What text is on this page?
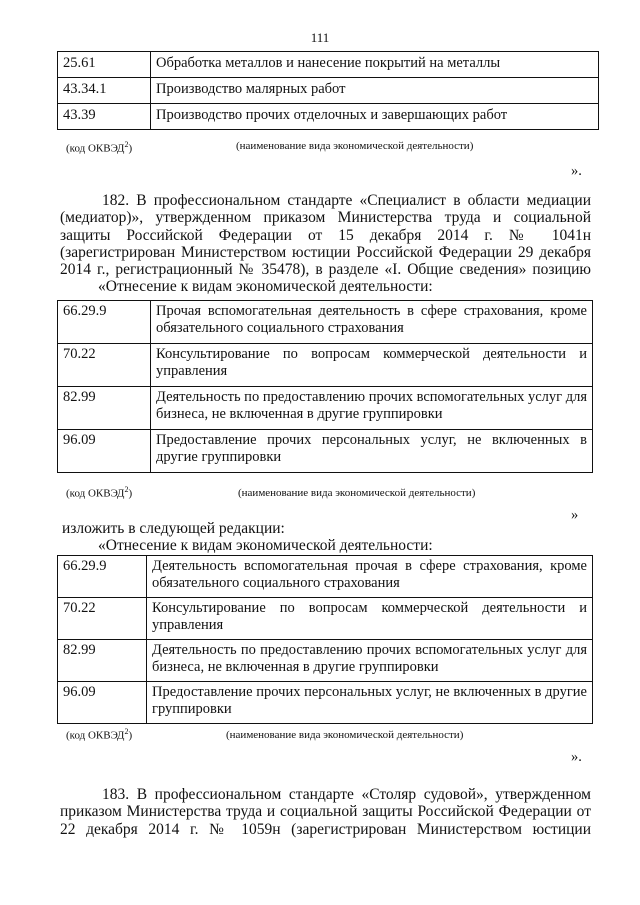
111
25.61	Обработка металлов и нанесение покрытий на металлы
43.34.1	Производство малярных работ
43.39	Производство прочих отделочных и завершающих работ
(код ОКВЭД$^2$)	(наименование вида экономической деятельности)
».
182. В профессиональном стандарте «Специалист в области медиации
(медиатор)», утвержденном приказом Министерства труда и социальной
защиты Российской Федерации от 15 декабря 2014 г. № 1041н
(зарегистрирован Министерством юстиции Российской Федерации 29 декабря
2014 г., регистрационный № 35478), в разделе «I. Общие сведения» позицию
«Отнесение к видам экономической деятельности:
66.29.9	Прочая вспомогательная деятельность в сфере страхования, кроме обязательного социального страхования
70.22	Консультирование по вопросам коммерческой деятельности и управления
82.99	Деятельность по предоставлению прочих вспомогательных услуг для бизнеса, не включенная в другие группировки
96.09	Предоставление прочих персональных услуг, не включенных в другие группировки
(код ОКВЭД$^2$)	(наименование вида экономической деятельности)
»
изложить в следующей редакции:
«Отнесение к видам экономической деятельности:
66.29.9	Деятельность вспомогательная прочая в сфере страхования, кроме обязательного социального страхования
70.22	Консультирование по вопросам коммерческой деятельности и управления
82.99	Деятельность по предоставлению прочих вспомогательных услуг для бизнеса, не включенная в другие группировки
96.09	Предоставление прочих персональных услуг, не включенных в другие группировки
(код ОКВЭД$^2$)	(наименование вида экономической деятельности)
».
183. В профессиональном стандарте «Столяр судовой», утвержденном
приказом Министерства труда и социальной защиты Российской Федерации от
22 декабря 2014 г. № 1059н (зарегистрирован Министерством юстиции
